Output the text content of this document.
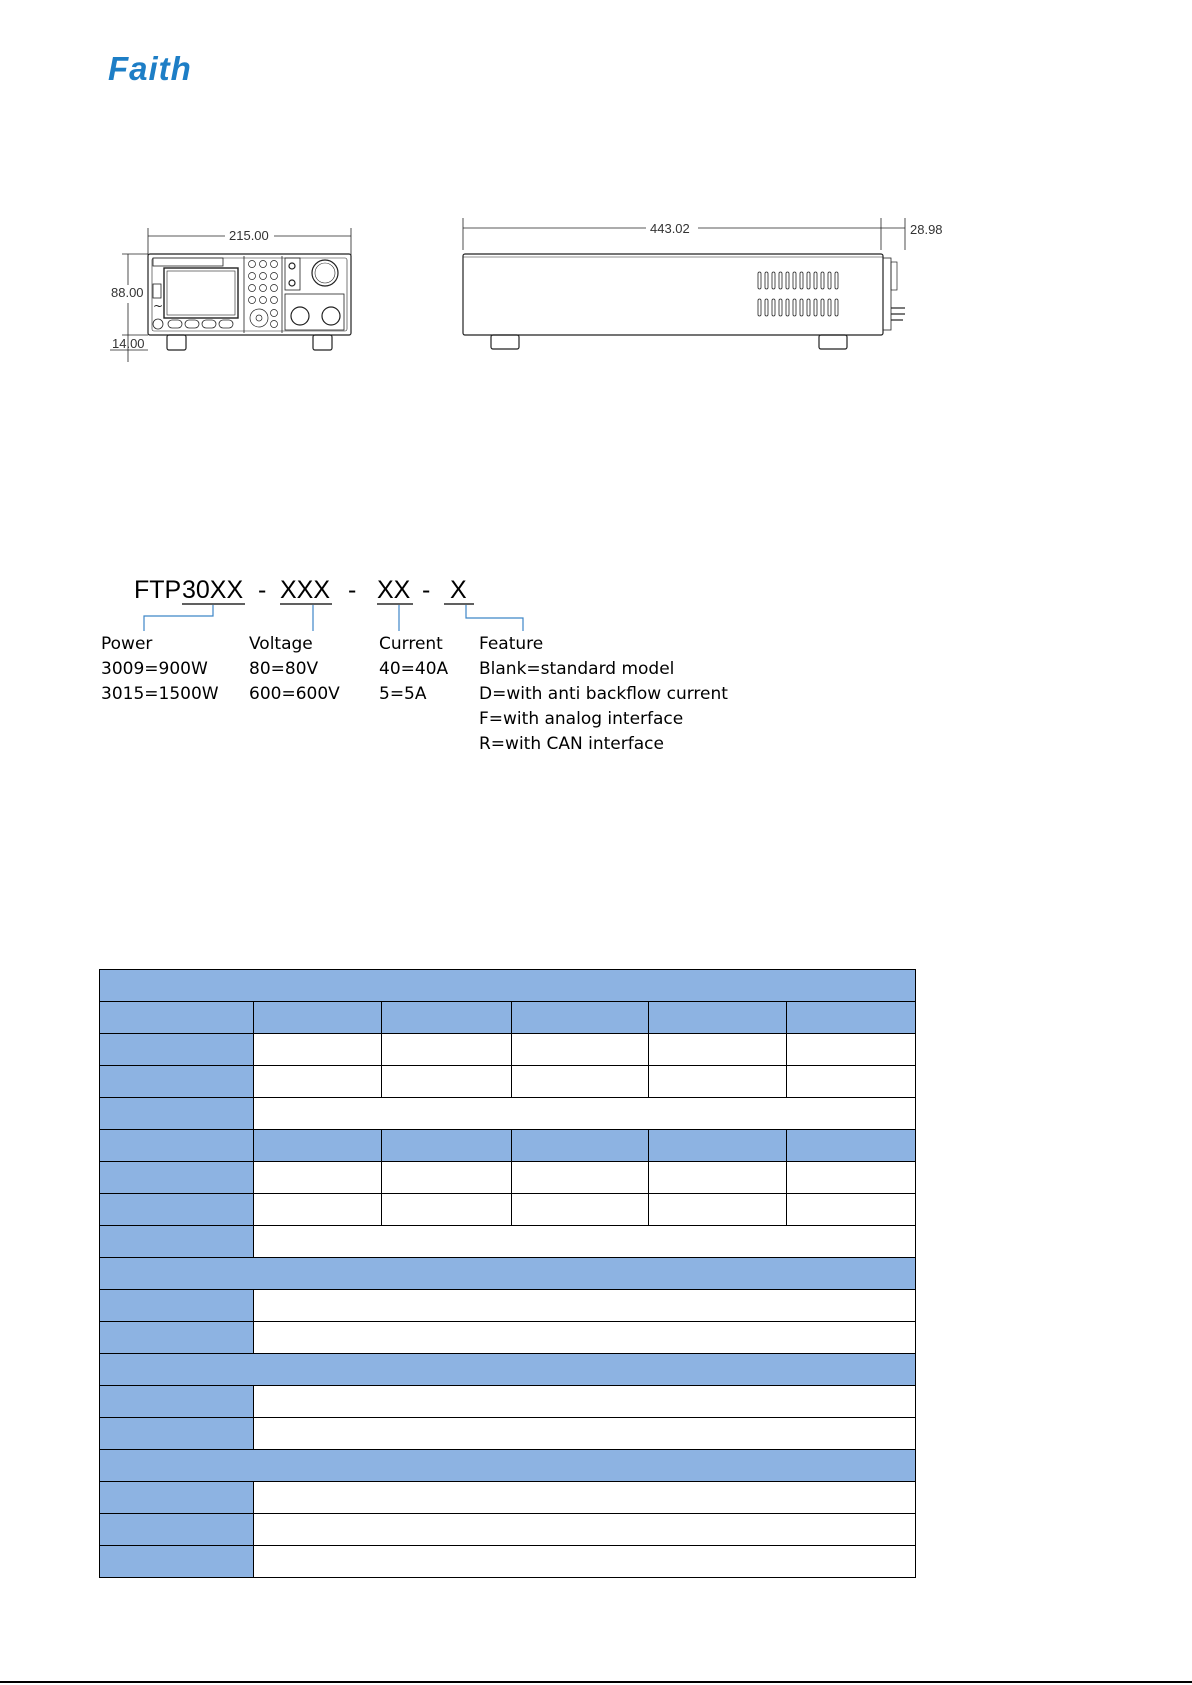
Faith
~
215.00
88.00
14.00
443.02	28.98
FTP 30XX - XXX - XX - X
Power
3009=900W
3015=1500W
Voltage
80=80V
600=600V
Current
40=40A
5=5A
Feature
Blank=standard model
D=with anti backflow current
F=with analog interface
R=with CAN interface
